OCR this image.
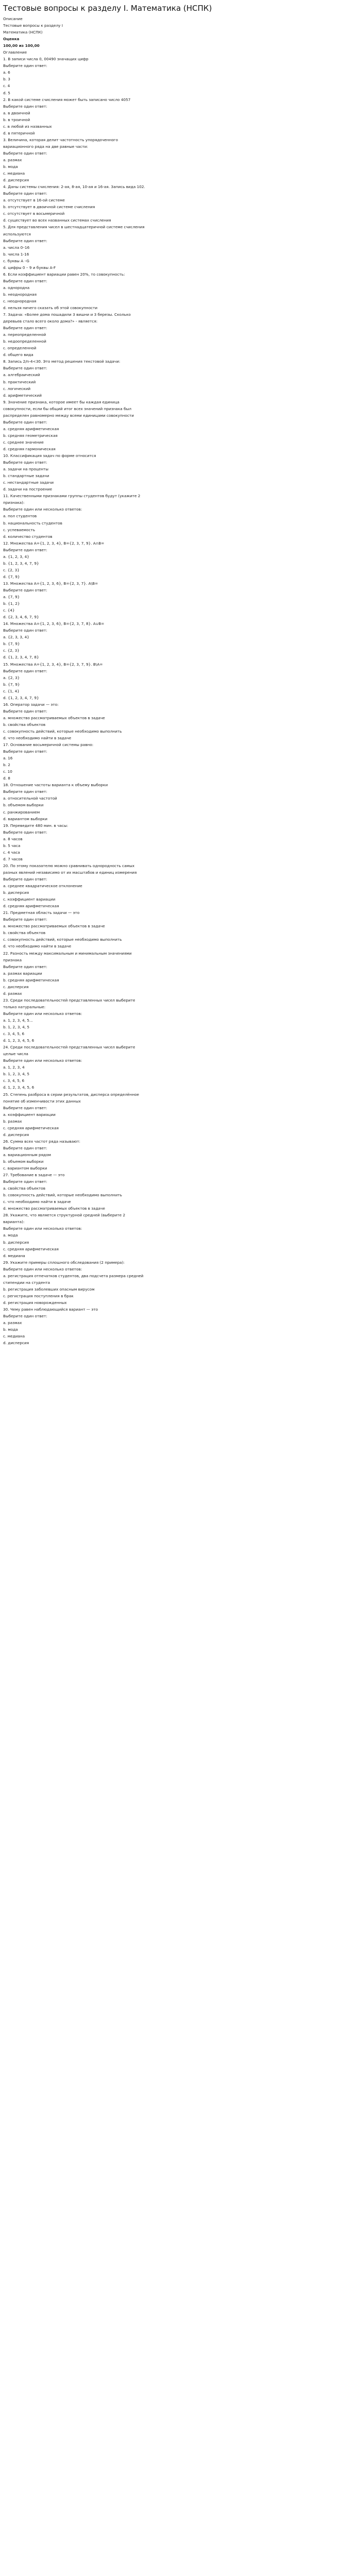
Тестовые вопросы к разделу I. Математика (НСПК)
Описание
Тестовые вопросы к разделу I
Математика (НСПК)
Оценка
100,00 из 100,00
Оглавление
1. В записи числа 0, 00490 значащих цифр
Выберите один ответ:
a. 6
b. 3
c. 4
d. 5
2. В какой системе счисления может быть записано число 4057
Выберите один ответ:
a. в двоичной
b. в троичной
c. в любой из названных
d. в пятеричной
3. Величина, которая делит частотность упорядоченного
вариационного ряда на две равные части:
Выберите один ответ:
a. размах
b. мода
c. медиана
d. дисперсия
4. Даны системы счисления: 2-ая, 8-ая, 10-ая и 16-ая. Запись вида 102.
Выберите один ответ:
a. отсутствует в 16-ой системе
b. отсутствует в двоичной системе счисления
c. отсутствует в восьмеричной
d. существует во всех названных системах счисления
5. Для представления чисел в шестнадцатеричной системе счисления
используются
Выберите один ответ:
a. числа 0–16
b. числа 1-16
c. буквы A –G
d. цифры 0 – 9 и буквы A-F
6. Если коэффициент вариации равен 20%, то совокупность:
Выберите один ответ:
a. однородна
b. неоднородная
c. неоднородная
d. нельзя ничего сказать об этой совокупности
7. Задача: «Более дома пошадили 3 вишни и 3 березы. Сколько
деревьев стало всего около дома?» - является:
Выберите один ответ:
a. переопределенной
b. недоопределенной
c. определенной
d. общего вида
8. Запись 2/n-4<30. Это метод решения текстовой задачи:
Выберите один ответ:
a. алгебраический
b. практический
c. логический
d. арифметический
9. Значение признака, которое имеет бы каждая единица
совокупности, если бы общий итог всех значений признака был
распределен равномерно между всеми единицами совокупности
Выберите один ответ:
a. средняя арифметическая
b. средняя геометрическая
c. среднее значение
d. средняя гармоническая
10. Классификация задач по форме относится
Выберите один ответ:
a. задачи на проценты
b. стандартные задачи
c. нестандартные задачи
d. задачи на построение
11. Качественными признаками группы студентов будут (укажите 2
признака):
Выберите один или несколько ответов:
a. пол студентов
b. национальность студентов
c. успеваемость
d. количество студентов
12. Множества A={1, 2, 3, 4}, B={2, 3, 7, 9}. A∩B=
Выберите один ответ:
a. {1, 2, 3, 4}
b. {1, 2, 3, 4, 7, 9}
c. {2, 3}
d. {7, 9}
13. Множества A={1, 2, 3, 6}, B={2, 3, 7}. A\B=
Выберите один ответ:
a. {7, 9}
b. {1, 2}
c. {4}
d. {2, 3, 4, 6, 7, 9}
14. Множества A={1, 2, 3, 6}, B={2, 3, 7, 8}. A∪B=
Выберите один ответ:
a. {2, 3, 3, 4}
b. {7, 9}
c. {2, 3}
d. {1, 2, 3, 4, 7, 8}
15. Множества A={1, 2, 3, 4}, B={2, 3, 7, 9}. B\A=
Выберите один ответ:
a. {2, 3}
b. {7, 9}
c. {1, 4}
d. {1, 2, 3, 4, 7, 9}
16. Оператор задачи — это:
Выберите один ответ:
a. множество рассматриваемых объектов в задаче
b. свойства объектов
c. совокупность действий, которые необходимо выполнить
d. что необходимо найти в задаче
17. Основание восьмеричной системы равно:
Выберите один ответ:
a. 16
b. 2
c. 10
d. 8
18. Отношение частоты варианта к объему выборки
Выберите один ответ:
a. относительной частотой
b. объемом выборки
c. ранжированием
d. вариантом выборки
19. Переведите 480 мин. в часы:
Выберите один ответ:
a. 8 часов
b. 5 часа
c. 4 часа
d. 7 часов
20. По этому показателю можно сравнивать однородность самых
разных явлений независимо от их масштабов и единиц измерения
Выберите один ответ:
a. среднее квадратическое отклонение
b. дисперсия
c. коэффициент вариации
d. средняя арифметическая
21. Предметная область задачи — это
Выберите один ответ:
a. множество рассматриваемых объектов в задаче
b. свойства объектов
c. совокупность действий, которые необходимо выполнить
d. что необходимо найти в задаче
22. Разность между максимальным и минимальным значениями
признака
Выберите один ответ:
a. размах вариации
b. средняя арифметическая
c. дисперсия
d. размах
23. Среди последовательностей представленных чисел выберите
только натуральные:
Выберите один или несколько ответов:
a. 1, 2, 3, 4, 5...
b. 1, 2, 3, 4, 5
c. 3, 4, 5, 6
d. 1, 2, 3, 4, 5, 6
24. Среди последовательностей представленных чисел выберите
целые числа
Выберите один или несколько ответов:
a. 1, 2, 3, 4
b. 1, 2, 3, 4, 5
c. 3, 4, 5, 6
d. 1, 2, 3, 4, 5, 6
25. Степень разброса в серии результатов, дисперса определённое
понятие об изменчивости этих данных
Выберите один ответ:
a. коэффициент вариации
b. размах
c. средняя арифметическая
d. дисперсия
26. Сумма всех частот ряда называют:
Выберите один ответ:
a. вариационным рядом
b. объемом выборки
c. вариантом выборки
27. Требование в задаче — это
Выберите один ответ:
a. свойства объектов
b. совокупность действий, которые необходимо выполнить
c. что необходимо найти в задаче
d. множество рассматриваемых объектов в задаче
28. Укажите, что является структурной средней (выберите 2
варианта):
Выберите один или несколько ответов:
a. мода
b. дисперсия
c. средняя арифметическая
d. медиана
29. Укажите примеры сплошного обследования (2 примера):
Выберите один или несколько ответов:
a. регистрация отпечатков студентов, два подсчета размера средней
стипендии на студента
b. регистрация заболевших опасным вирусом
c. регистрация поступления в брак
d. регистрация новорожденных
30. Чему равен наблюдающийся вариант — это
Выберите один ответ:
a. размах
b. мода
c. медиана
d. дисперсия
